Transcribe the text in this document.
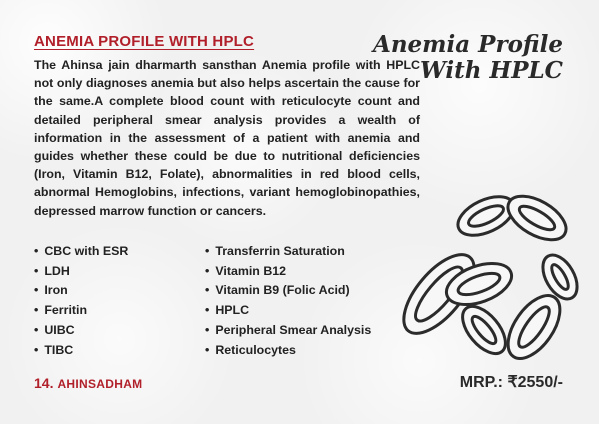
ANEMIA PROFILE WITH HPLC	Anemia Profile
With HPLC
The Ahinsa jain dharmarth sansthan Anemia profile with HPLC not only diagnoses anemia but also helps ascertain the cause for the same.A complete blood count with reticulocyte count and detailed peripheral smear analysis provides a wealth of information in the assessment of a patient with anemia and guides whether these could be due to nutritional deficiencies (Iron, Vitamin B12, Folate), abnormalities in red blood cells, abnormal Hemoglobins, infections, variant hemoglobinopathies, depressed marrow function or cancers.
• CBC with ESR
• LDH
• Iron
• Ferritin
• UIBC
• TIBC
• Transferrin Saturation
• Vitamin B12
• Vitamin B9 (Folic Acid)
• HPLC
• Peripheral Smear Analysis
• Reticulocytes
14. AHINSADHAM	MRP.: ₹2550/-
